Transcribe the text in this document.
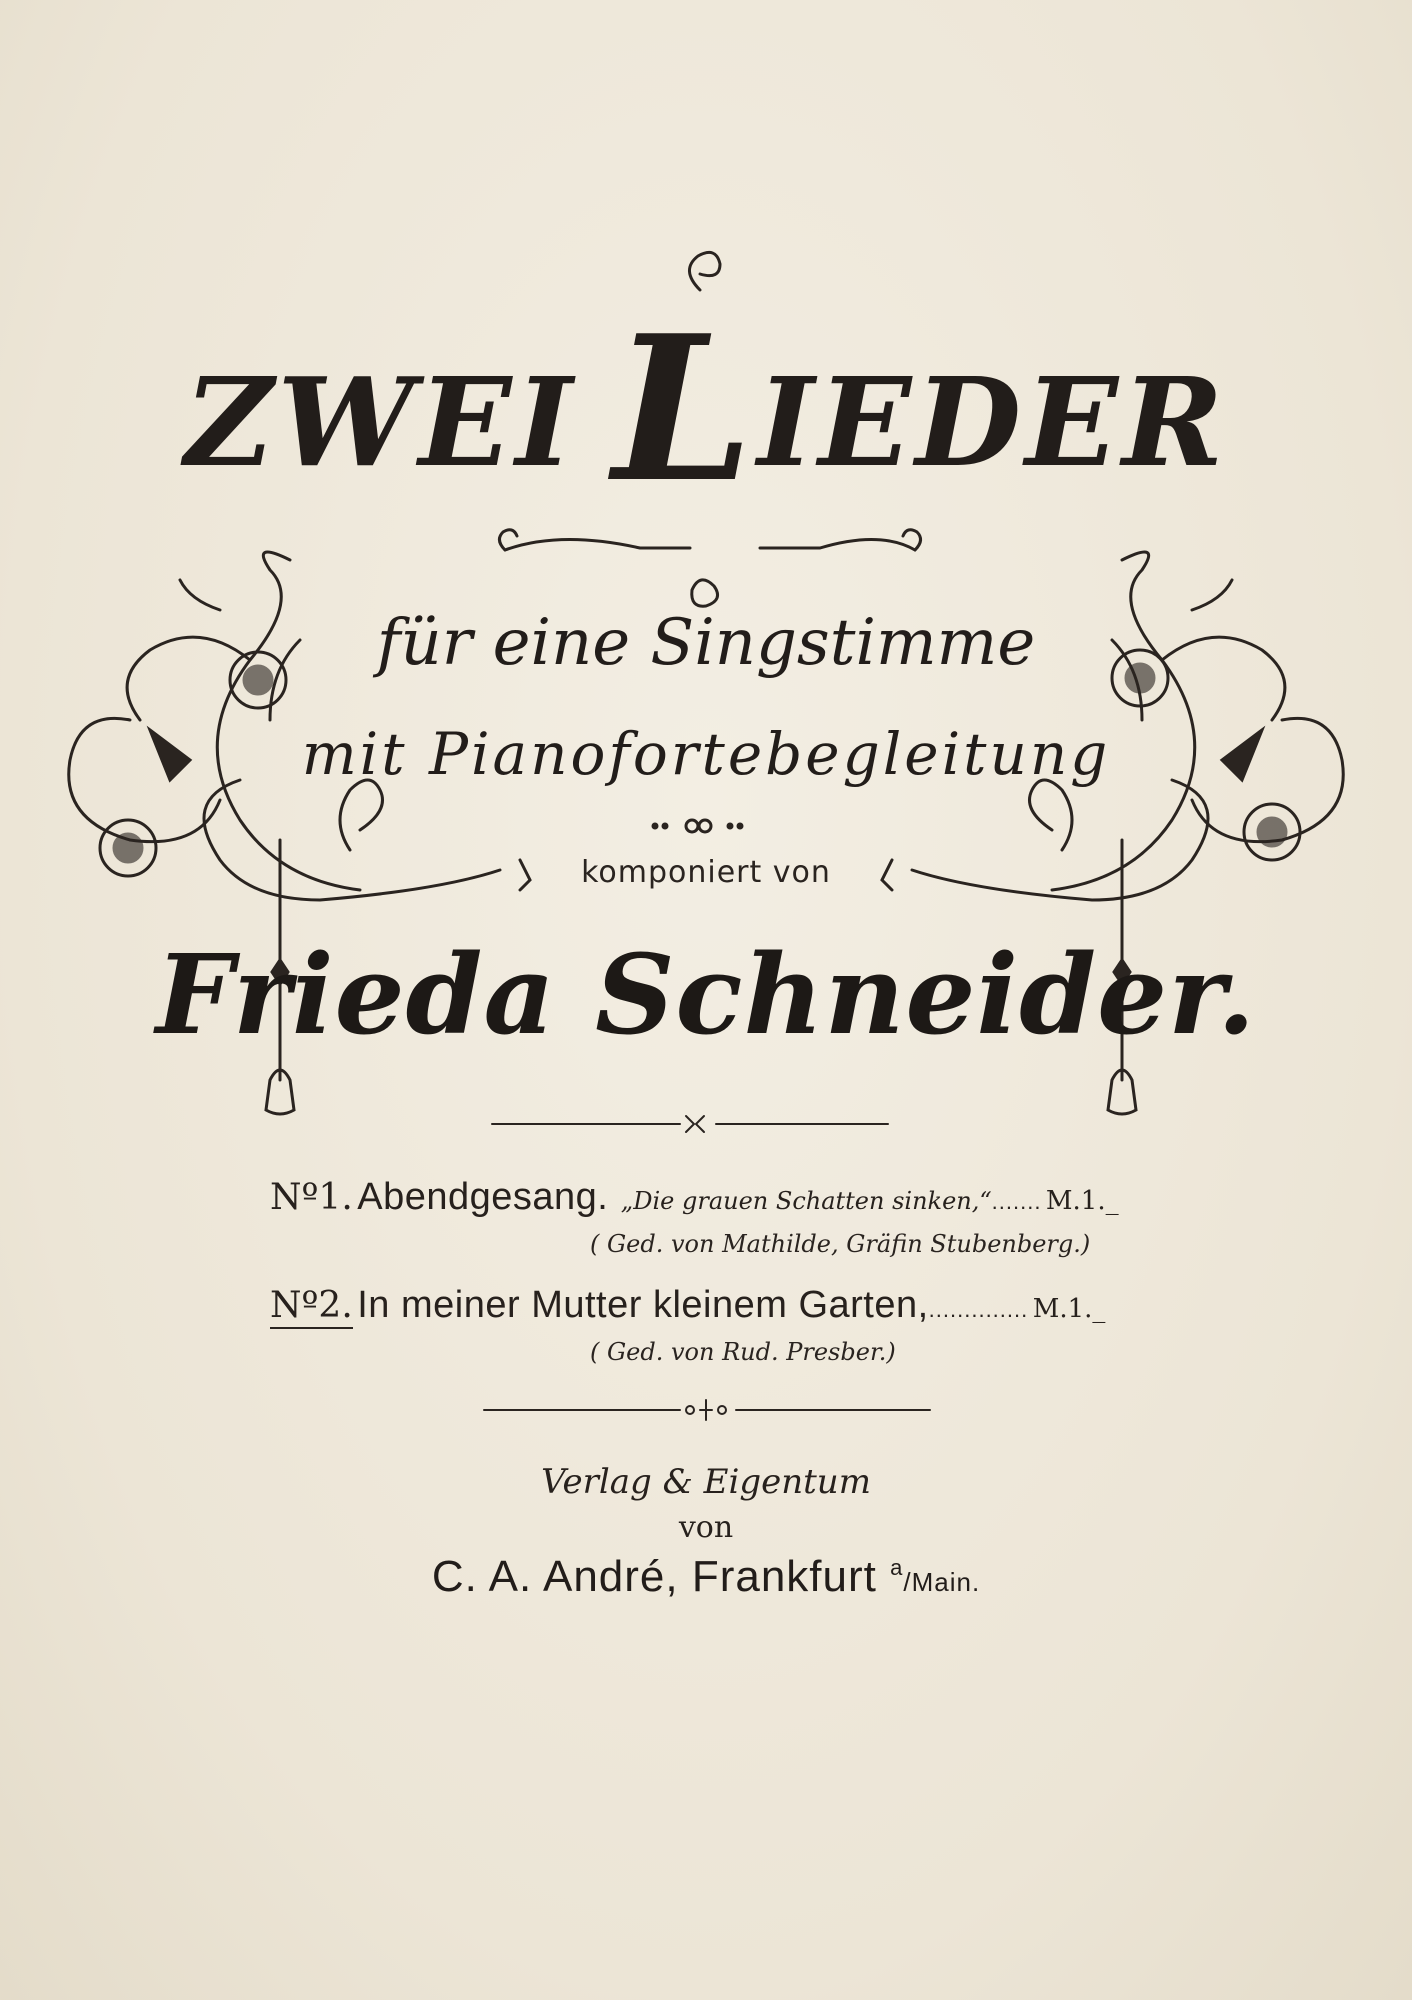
ZWEI LIEDER
für eine Singstimme
mit Pianofortebegleitung
komponiert von
Frieda Schneider.
Nº1. Abendgesang. „Die grauen Schatten sinken,“....... M.1._
Nº2. In meiner Mutter kleinem Garten,.............. M.1._
( Ged. von Mathilde, Gräfin Stubenberg.)
( Ged. von Rud. Presber.)
Verlag & Eigentum
von
C. A. André, Frankfurt $^a$/Main.
